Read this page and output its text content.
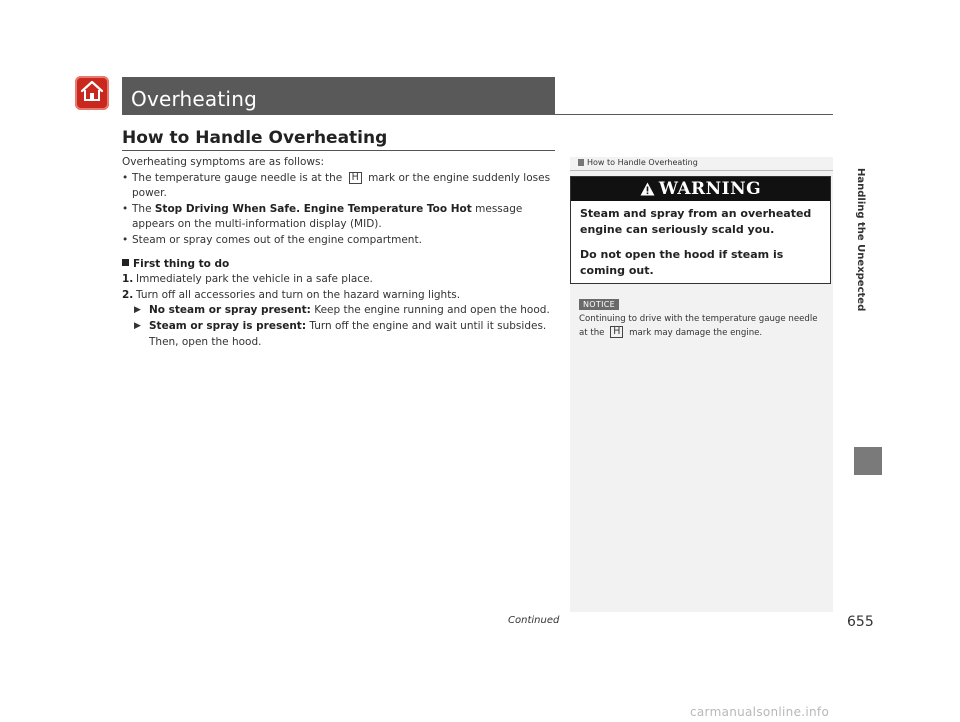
Overheating
How to Handle Overheating

Overheating symptoms are as follows:

• The temperature gauge needle is at the H mark or the engine suddenly loses power.

• The Stop Driving When Safe. Engine Temperature Too Hot message appears on the multi-information display (MID).

• Steam or spray comes out of the engine compartment.

First thing to do

1. Immediately park the vehicle in a safe place.

2. Turn off all accessories and turn on the hazard warning lights.

▶ No steam or spray present: Keep the engine running and open the hood.

▶ Steam or spray is present: Turn off the engine and wait until it subsides. Then, open the hood.

How to Handle Overheating
WARNING

Steam and spray from an overheated engine can seriously scald you.

Do not open the hood if steam is coming out.

NOTICE
Continuing to drive with the temperature gauge needle at the H mark may damage the engine.
Handling the Unexpected
Continued	655
carmanualsonline.info
